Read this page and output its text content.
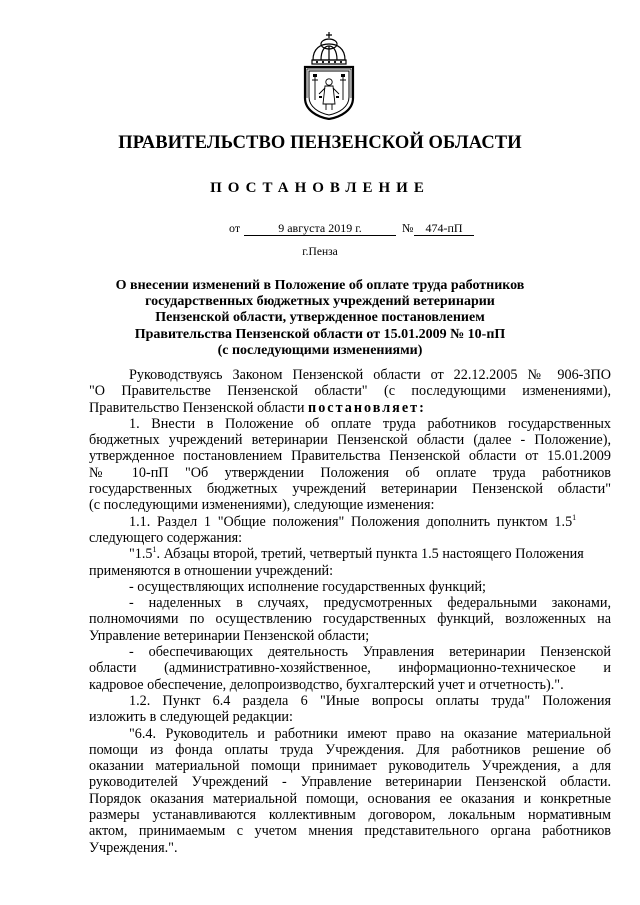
ПРАВИТЕЛЬСТВО ПЕНЗЕНСКОЙ ОБЛАСТИ
ПОСТАНОВЛЕНИЕ
от	9 августа 2019 г.	№	474-пП
г.Пенза
О внесении изменений в Положение об оплате труда работников
государственных бюджетных учреждений ветеринарии
Пензенской области, утвержденное постановлением
Правительства Пензенской области от 15.01.2009 № 10-пП
(с последующими изменениями)
Руководствуясь Законом Пензенской области от 22.12.2005 № 906-ЗПО
"О Правительстве Пензенской области" (с последующими изменениями),
Правительство Пензенской области постановляет:
1. Внести в Положение об оплате труда работников государственных
бюджетных учреждений ветеринарии Пензенской области (далее - Положение),
утвержденное постановлением Правительства Пензенской области от 15.01.2009
№ 10-пП "Об утверждении Положения об оплате труда работников
государственных бюджетных учреждений ветеринарии Пензенской области"
(с последующими изменениями), следующие изменения:
1.1. Раздел 1 "Общие положения" Положения дополнить пунктом $1.5^1$
следующего содержания:
"$1.5^1$. Абзацы второй, третий, четвертый пункта 1.5 настоящего Положения
применяются в отношении учреждений:
- осуществляющих исполнение государственных функций;
- наделенных в случаях, предусмотренных федеральными законами,
полномочиями по осуществлению государственных функций, возложенных на
Управление ветеринарии Пензенской области;
- обеспечивающих деятельность Управления ветеринарии Пензенской
области (административно-хозяйственное, информационно-техническое и
кадровое обеспечение, делопроизводство, бухгалтерский учет и отчетность).".
1.2. Пункт 6.4 раздела 6 "Иные вопросы оплаты труда" Положения
изложить в следующей редакции:
"6.4. Руководитель и работники имеют право на оказание материальной
помощи из фонда оплаты труда Учреждения. Для работников решение об
оказании материальной помощи принимает руководитель Учреждения, а для
руководителей Учреждений - Управление ветеринарии Пензенской области.
Порядок оказания материальной помощи, основания ее оказания и конкретные
размеры устанавливаются коллективным договором, локальным нормативным
актом, принимаемым с учетом мнения представительного органа работников
Учреждения.".
